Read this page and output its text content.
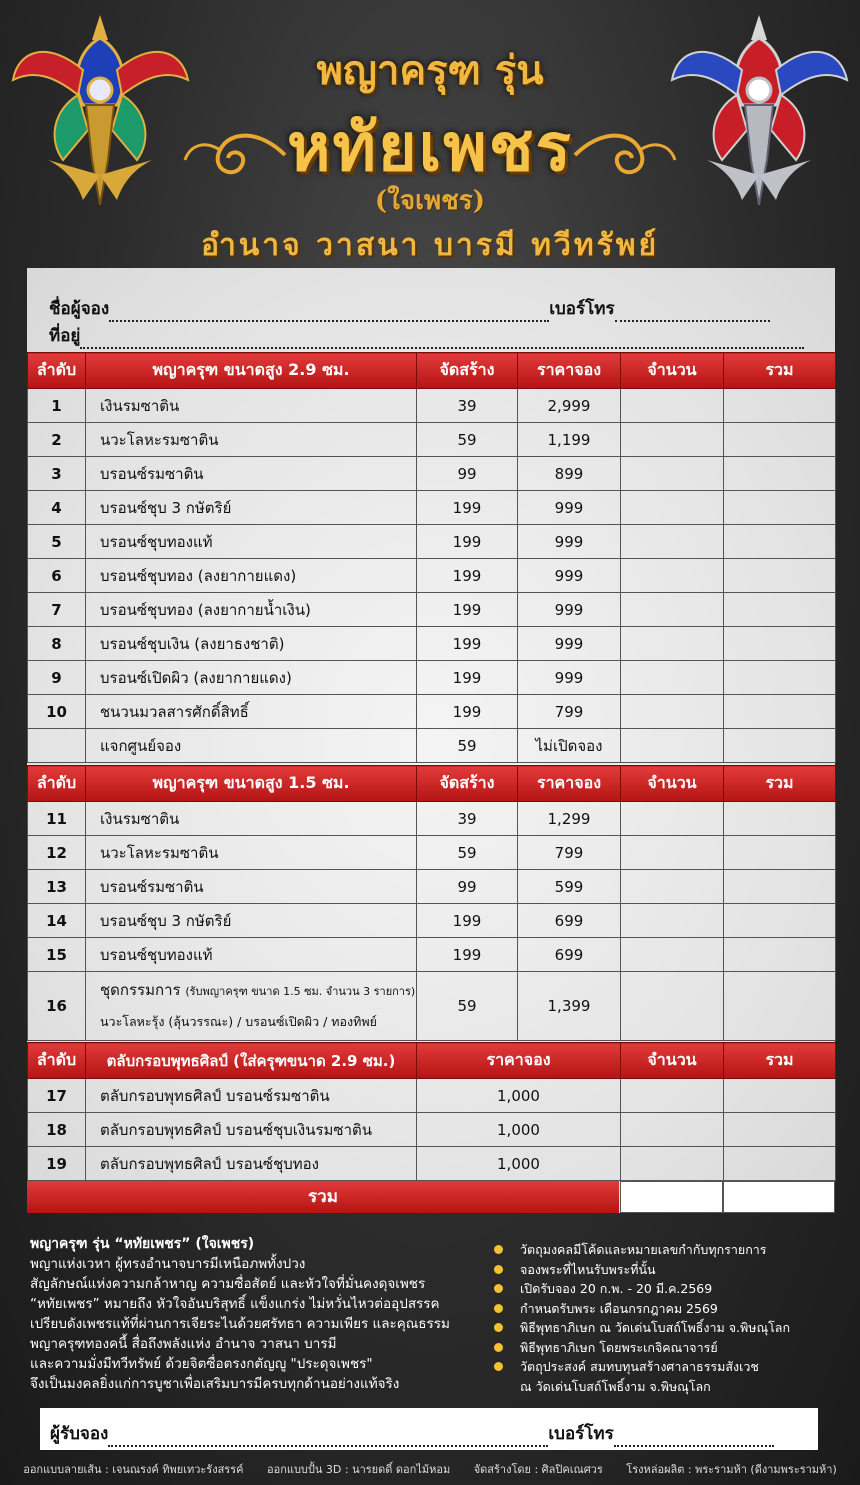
พญาครุฑ รุ่น
หทัยเพชร
(ใจเพชร)
อำนาจ วาสนา บารมี ทวีทรัพย์
ชื่อผู้จอง	เบอร์โทร
ที่อยู่
ลำดับ	พญาครุฑ ขนาดสูง 2.9 ซม.	จัดสร้าง	ราคาจอง	จำนวน	รวม
1	เงินรมซาติน	39	2,999		
2	นวะโลหะรมซาติน	59	1,199		
3	บรอนซ์รมซาติน	99	899		
4	บรอนซ์ชุบ 3 กษัตริย์	199	999		
5	บรอนซ์ชุบทองแท้	199	999		
6	บรอนซ์ชุบทอง (ลงยากายแดง)	199	999		
7	บรอนซ์ชุบทอง (ลงยากายน้ำเงิน)	199	999		
8	บรอนซ์ชุบเงิน (ลงยาธงชาติ)	199	999		
9	บรอนซ์เปิดผิว (ลงยากายแดง)	199	999		
10	ชนวนมวลสารศักดิ์สิทธิ์	199	799		
	แจกศูนย์จอง	59	ไม่เปิดจอง		
ลำดับ	พญาครุฑ ขนาดสูง 1.5 ซม.	จัดสร้าง	ราคาจอง	จำนวน	รวม
11	เงินรมซาติน	39	1,299		
12	นวะโลหะรมซาติน	59	799		
13	บรอนซ์รมซาติน	99	599		
14	บรอนซ์ชุบ 3 กษัตริย์	199	699		
15	บรอนซ์ชุบทองแท้	199	699		
16	ชุดกรรมการ (รับพญาครุฑ ขนาด 1.5 ซม. จำนวน 3 รายการ)
นวะโลหะรุ้ง (ลุ้นวรรณะ) / บรอนซ์เปิดผิว / ทองทิพย์	59	1,399		
ลำดับ	ตลับกรอบพุทธศิลป์ (ใส่ครุฑขนาด 2.9 ซม.)	ราคาจอง	จำนวน	รวม
17	ตลับกรอบพุทธศิลป์ บรอนซ์รมซาติน	1,000		
18	ตลับกรอบพุทธศิลป์ บรอนซ์ชุบเงินรมซาติน	1,000		
19	ตลับกรอบพุทธศิลป์ บรอนซ์ชุบทอง	1,000		
รวม
พญาครุฑ รุ่น “หทัยเพชร” (ใจเพชร)
พญาแห่งเวหา ผู้ทรงอำนาจบารมีเหนือภพทั้งปวง
สัญลักษณ์แห่งความกล้าหาญ ความซื่อสัตย์ และหัวใจที่มั่นคงดุจเพชร
“หทัยเพชร” หมายถึง หัวใจอันบริสุทธิ์ แข็งแกร่ง ไม่หวั่นไหวต่ออุปสรรค
เปรียบดังเพชรแท้ที่ผ่านการเจียระไนด้วยศรัทธา ความเพียร และคุณธรรม
พญาครุฑทองคนี้ สื่อถึงพลังแห่ง อำนาจ วาสนา บารมี
และความมั่งมีทวีทรัพย์ ด้วยจิตซื่อตรงกตัญญู "ประดุจเพชร"
จึงเป็นมงคลยิ่งแก่การบูชาเพื่อเสริมบารมีครบทุกด้านอย่างแท้จริง
วัตถุมงคลมีโค้ดและหมายเลขกำกับทุกรายการ
จองพระที่ไหนรับพระที่นั้น
เปิดรับจอง 20 ก.พ. - 20 มี.ค.2569
กำหนดรับพระ เดือนกรกฎาคม 2569
พิธีพุทธาภิเษก ณ วัดเด่นโบสถ์โพธิ์งาม จ.พิษณุโลก
พิธีพุทธาภิเษก โดยพระเกจิคณาจารย์
วัตถุประสงค์ สมทบทุนสร้างศาลาธรรมสังเวช
ณ วัดเด่นโบสถ์โพธิ์งาม จ.พิษณุโลก
ผู้รับจอง	เบอร์โทร
ออกแบบลายเส้น : เจนณรงค์ ทิพยเทวะรังสรรค์ ออกแบบปั้น 3D : นารยดดิ์ ดอกไม้หอม จัดสร้างโดย : ศิลปิคเณศวร โรงหล่อผลิต : พระรามห้า (ดีงามพระรามห้า)
